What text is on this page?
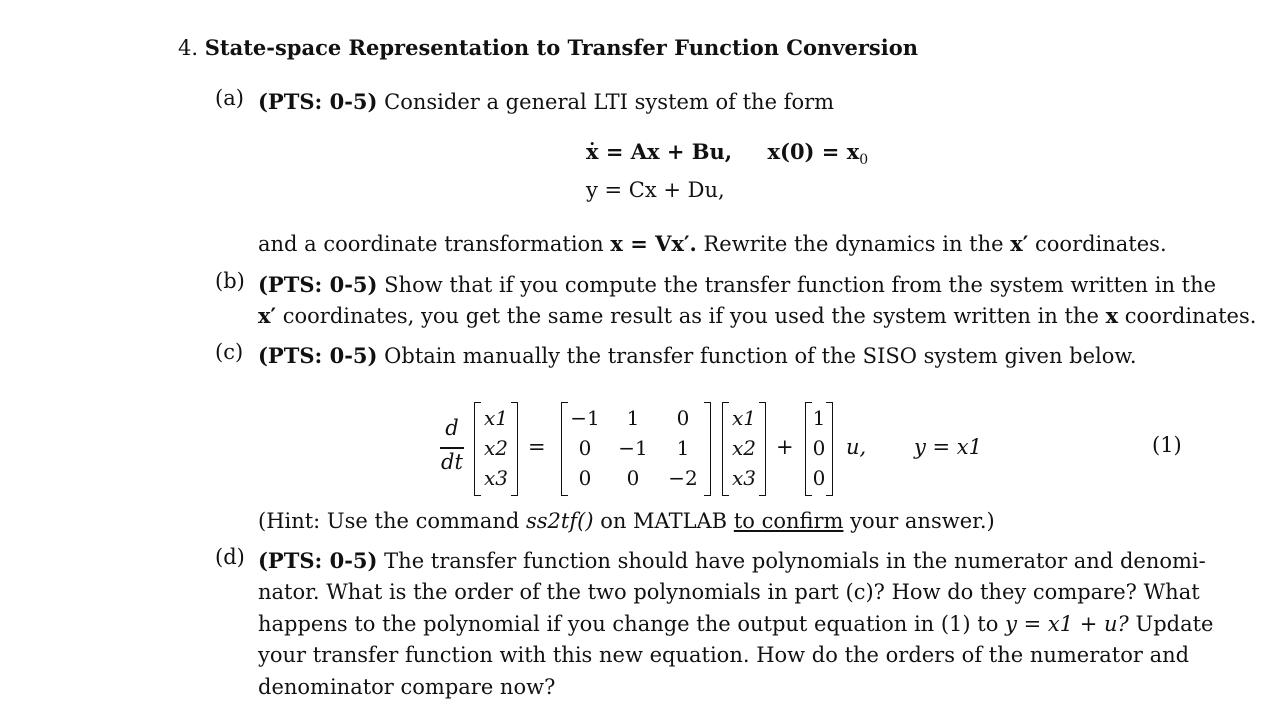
4. State-space Representation to Transfer Function Conversion
(a) (PTS: 0-5) Consider a general LTI system of the form
ẋ = Ax + Bu, $x(0) = x_0$
y = Cx + Du,
and a coordinate transformation x = Vx′. Rewrite the dynamics in the x′ coordinates.
(b) (PTS: 0-5) Show that if you compute the transfer function from the system written in the
x′ coordinates, you get the same result as if you used the system written in the x coordinates.
(c) (PTS: 0-5) Obtain manually the transfer function of the SISO system given below.
d
dt
x1
x2
x3
=
−1	1	0
0	−1	1
0	0	−2
x1
x2
x3
+
1
0
0
u, y = x1	(1)
(Hint: Use the command ss2tf() on MATLAB to confirm your answer.)
(d) (PTS: 0-5) The transfer function should have polynomials in the numerator and denomi-
nator. What is the order of the two polynomials in part (c)? How do they compare? What
happens to the polynomial if you change the output equation in (1) to y = x1 + u? Update
your transfer function with this new equation. How do the orders of the numerator and
denominator compare now?
